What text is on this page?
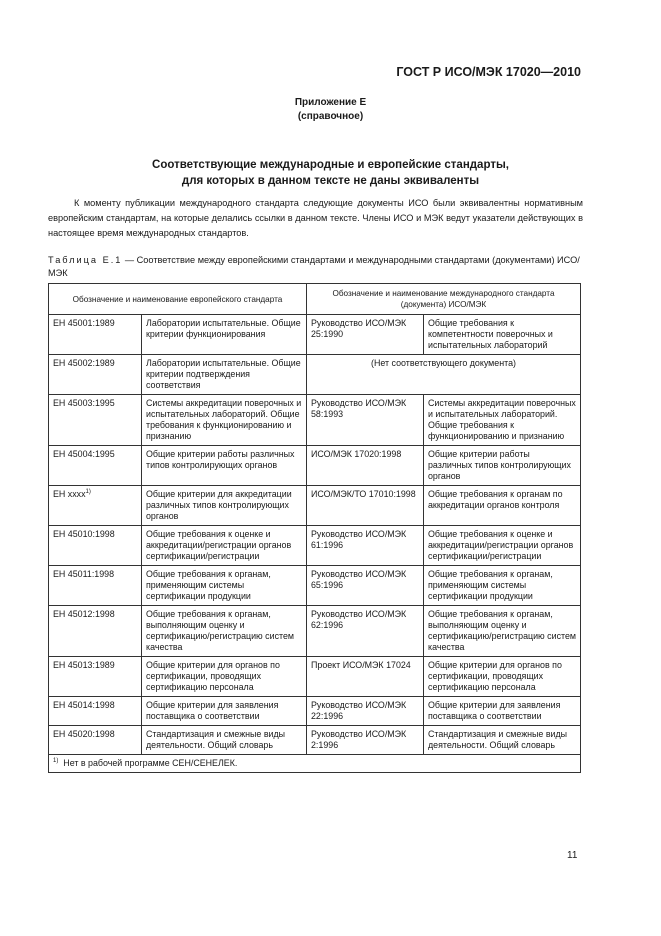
ГОСТ Р ИСО/МЭК 17020—2010
Приложение Е
(справочное)
Соответствующие международные и европейские стандарты,
для которых в данном тексте не даны эквиваленты
К моменту публикации международного стандарта следующие документы ИСО были эквивалентны нормативным европейским стандартам, на которые делались ссылки в данном тексте. Члены ИСО и МЭК ведут указатели действующих в настоящее время международных стандартов.
Таблица Е.1 — Соответствие между европейскими стандартами и международными стандартами (документами) ИСО/МЭК
Обозначение и наименование европейского стандарта		Обозначение и наименование международного стандарта (документа) ИСО/МЭК	
ЕН 45001:1989	Лаборатории испытательные. Общие критерии функционирования	Руководство ИСО/МЭК 25:1990	Общие требования к компетентности поверочных и испытательных лабораторий
ЕН 45002:1989	Лаборатории испытательные. Общие критерии подтверждения соответствия	(Нет соответствующего документа)	
ЕН 45003:1995	Системы аккредитации поверочных и испытательных лабораторий. Общие требования к функционированию и признанию	Руководство ИСО/МЭК 58:1993	Системы аккредитации поверочных и испытательных лабораторий. Общие требования к функционированию и признанию
ЕН 45004:1995	Общие критерии работы различных типов контролирующих органов	ИСО/МЭК 17020:1998	Общие критерии работы различных типов контролирующих органов
ЕН хххх$^{1)}$	Общие критерии для аккредитации различных типов контролирующих органов	ИСО/МЭК/ТО 17010:1998	Общие требования к органам по аккредитации органов контроля
ЕН 45010:1998	Общие требования к оценке и аккредитации/регистрации органов сертификации/регистрации	Руководство ИСО/МЭК 61:1996	Общие требования к оценке и аккредитации/регистрации органов сертификации/регистрации
ЕН 45011:1998	Общие требования к органам, применяющим системы сертификации продукции	Руководство ИСО/МЭК 65:1996	Общие требования к органам, применяющим системы сертификации продукции
ЕН 45012:1998	Общие требования к органам, выполняющим оценку и сертификацию/регистрацию систем качества	Руководство ИСО/МЭК 62:1996	Общие требования к органам, выполняющим оценку и сертификацию/регистрацию систем качества
ЕН 45013:1989	Общие критерии для органов по сертификации, проводящих сертификацию персонала	Проект ИСО/МЭК 17024	Общие критерии для органов по сертификации, проводящих сертификацию персонала
ЕН 45014:1998	Общие критерии для заявления поставщика о соответствии	Руководство ИСО/МЭК 22:1996	Общие критерии для заявления поставщика о соответствии
ЕН 45020:1998	Стандартизация и смежные виды деятельности. Общий словарь	Руководство ИСО/МЭК 2:1996	Стандартизация и смежные виды деятельности. Общий словарь
$^{1)}$ Нет в рабочей программе СЕН/СЕНЕЛЕК.			
11
